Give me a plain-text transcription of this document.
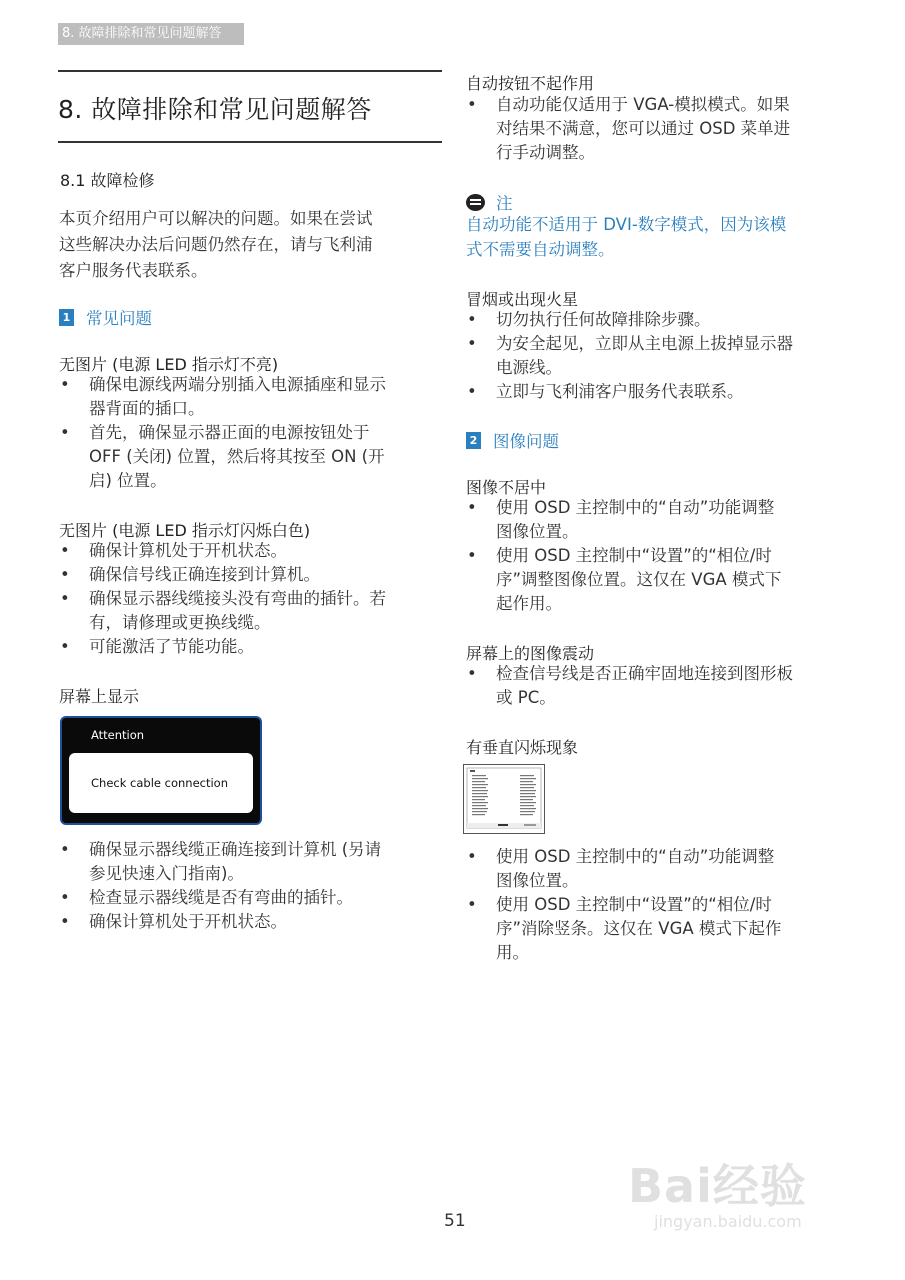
8. 故障排除和常见问题解答
8. 故障排除和常见问题解答
8.1 故障检修
本页介绍用户可以解决的问题。如果在尝试
这些解决办法后问题仍然存在，请与飞利浦
客户服务代表联系。
1 常见问题
无图片 (电源 LED 指示灯不亮)
• 确保电源线两端分别插入电源插座和显示
器背面的插口。
• 首先，确保显示器正面的电源按钮处于
OFF (关闭) 位置，然后将其按至 ON (开
启) 位置。
无图片 (电源 LED 指示灯闪烁白色)
• 确保计算机处于开机状态。
• 确保信号线正确连接到计算机。
• 确保显示器线缆接头没有弯曲的插针。若
有，请修理或更换线缆。
• 可能激活了节能功能。
屏幕上显示
Attention
Check cable connection
• 确保显示器线缆正确连接到计算机 (另请
参见快速入门指南)。
• 检查显示器线缆是否有弯曲的插针。
• 确保计算机处于开机状态。
自动按钮不起作用
• 自动功能仅适用于 VGA-模拟模式。如果
对结果不满意，您可以通过 OSD 菜单进
行手动调整。
注
自动功能不适用于 DVI-数字模式，因为该模
式不需要自动调整。
冒烟或出现火星
• 切勿执行任何故障排除步骤。
• 为安全起见，立即从主电源上拔掉显示器
电源线。
• 立即与飞利浦客户服务代表联系。
2 图像问题
图像不居中
• 使用 OSD 主控制中的“自动”功能调整
图像位置。
• 使用 OSD 主控制中“设置”的“相位/时
序”调整图像位置。这仅在 VGA 模式下
起作用。
屏幕上的图像震动
• 检查信号线是否正确牢固地连接到图形板
或 PC。
有垂直闪烁现象
• 使用 OSD 主控制中的“自动”功能调整
图像位置。
• 使用 OSD 主控制中“设置”的“相位/时
序”消除竖条。这仅在 VGA 模式下起作
用。
51
Bai经验
jingyan.baidu.com
